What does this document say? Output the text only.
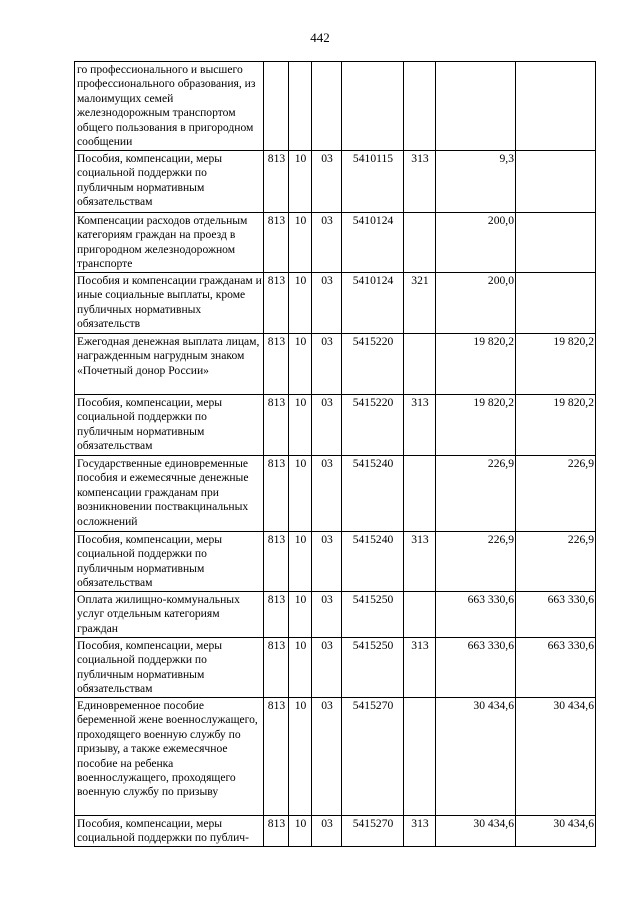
442
го профессионального и высшего профессионального образования, из малоимущих семей железнодорожным транспортом общего пользования в пригородном сообщении							
Пособия, компенсации, меры социальной поддержки по публичным нормативным обязательствам	813	10	03	5410115	313	9,3	
Компенсации расходов отдельным категориям граждан на проезд в пригородном железнодорожном транспорте	813	10	03	5410124		200,0	
Пособия и компенсации гражданам и иные социальные выплаты, кроме публичных нормативных обязательств	813	10	03	5410124	321	200,0	
Ежегодная денежная выплата лицам, награжденным нагрудным знаком «Почетный донор России»	813	10	03	5415220		19 820,2	19 820,2
Пособия, компенсации, меры социальной поддержки по публичным нормативным обязательствам	813	10	03	5415220	313	19 820,2	19 820,2
Государственные единовременные пособия и ежемесячные денежные компенсации гражданам при возникновении поствакцинальных осложнений	813	10	03	5415240		226,9	226,9
Пособия, компенсации, меры социальной поддержки по публичным нормативным обязательствам	813	10	03	5415240	313	226,9	226,9
Оплата жилищно-коммунальных услуг отдельным категориям граждан	813	10	03	5415250		663 330,6	663 330,6
Пособия, компенсации, меры социальной поддержки по публичным нормативным обязательствам	813	10	03	5415250	313	663 330,6	663 330,6
Единовременное пособие беременной жене военнослужащего, проходящего военную службу по призыву, а также ежемесячное пособие на ребенка военнослужащего, проходящего военную службу по призыву	813	10	03	5415270		30 434,6	30 434,6
Пособия, компенсации, меры социальной поддержки по публич-	813	10	03	5415270	313	30 434,6	30 434,6
